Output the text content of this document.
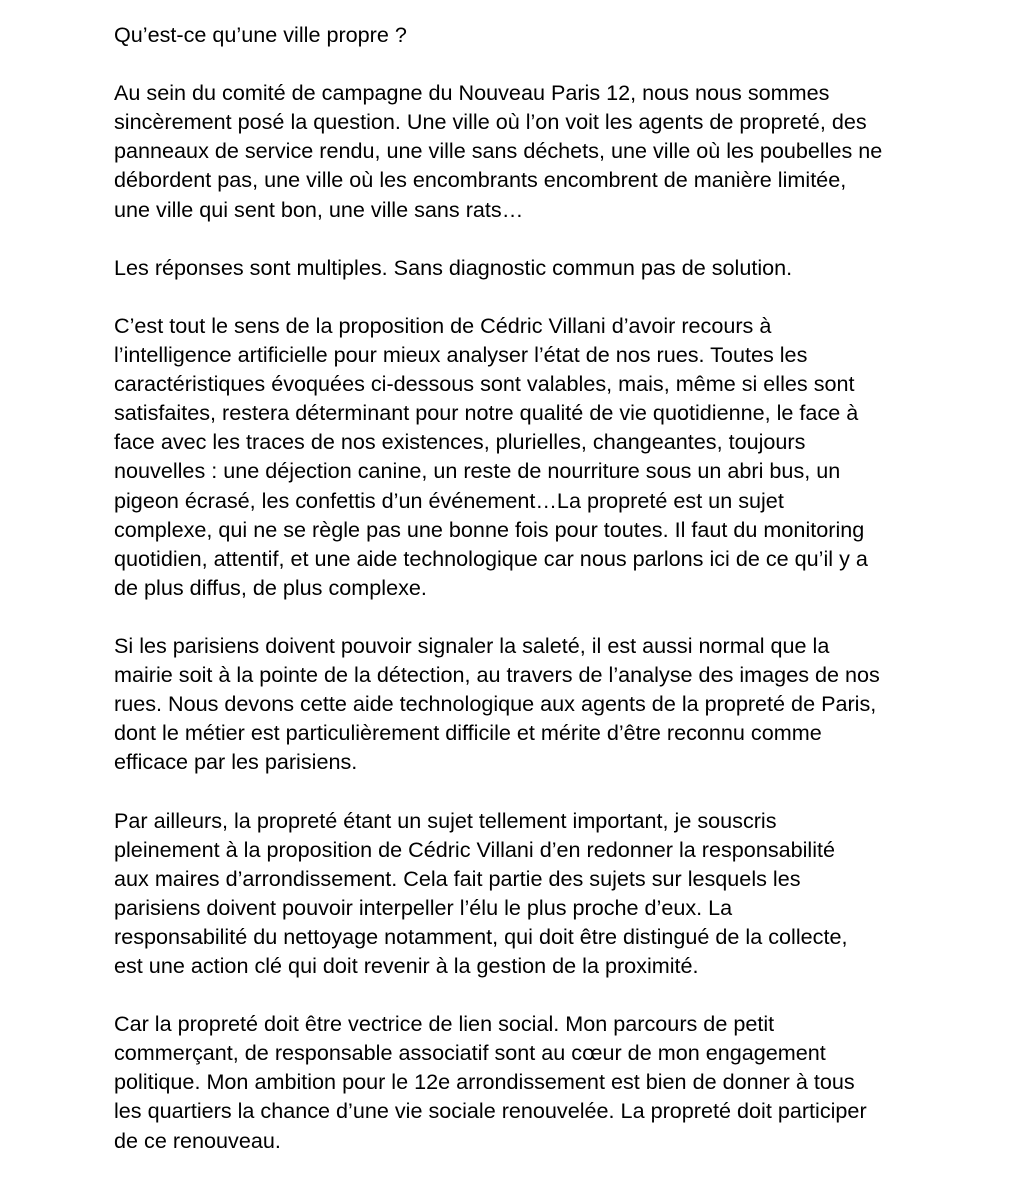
Qu’est-ce qu’une ville propre ?

Au sein du comité de campagne du Nouveau Paris 12, nous nous sommes
sincèrement posé la question. Une ville où l’on voit les agents de propreté, des
panneaux de service rendu, une ville sans déchets, une ville où les poubelles ne
débordent pas, une ville où les encombrants encombrent de manière limitée,
une ville qui sent bon, une ville sans rats…

Les réponses sont multiples. Sans diagnostic commun pas de solution.

C’est tout le sens de la proposition de Cédric Villani d’avoir recours à
l’intelligence artificielle pour mieux analyser l’état de nos rues. Toutes les
caractéristiques évoquées ci-dessous sont valables, mais, même si elles sont
satisfaites, restera déterminant pour notre qualité de vie quotidienne, le face à
face avec les traces de nos existences, plurielles, changeantes, toujours
nouvelles : une déjection canine, un reste de nourriture sous un abri bus, un
pigeon écrasé, les confettis d’un événement…La propreté est un sujet
complexe, qui ne se règle pas une bonne fois pour toutes. Il faut du monitoring
quotidien, attentif, et une aide technologique car nous parlons ici de ce qu’il y a
de plus diffus, de plus complexe.

Si les parisiens doivent pouvoir signaler la saleté, il est aussi normal que la
mairie soit à la pointe de la détection, au travers de l’analyse des images de nos
rues. Nous devons cette aide technologique aux agents de la propreté de Paris,
dont le métier est particulièrement difficile et mérite d’être reconnu comme
efficace par les parisiens.

Par ailleurs, la propreté étant un sujet tellement important, je souscris
pleinement à la proposition de Cédric Villani d’en redonner la responsabilité
aux maires d’arrondissement. Cela fait partie des sujets sur lesquels les
parisiens doivent pouvoir interpeller l’élu le plus proche d’eux. La
responsabilité du nettoyage notamment, qui doit être distingué de la collecte,
est une action clé qui doit revenir à la gestion de la proximité.

Car la propreté doit être vectrice de lien social. Mon parcours de petit
commerçant, de responsable associatif sont au cœur de mon engagement
politique. Mon ambition pour le 12e arrondissement est bien de donner à tous
les quartiers la chance d’une vie sociale renouvelée. La propreté doit participer
de ce renouveau.
